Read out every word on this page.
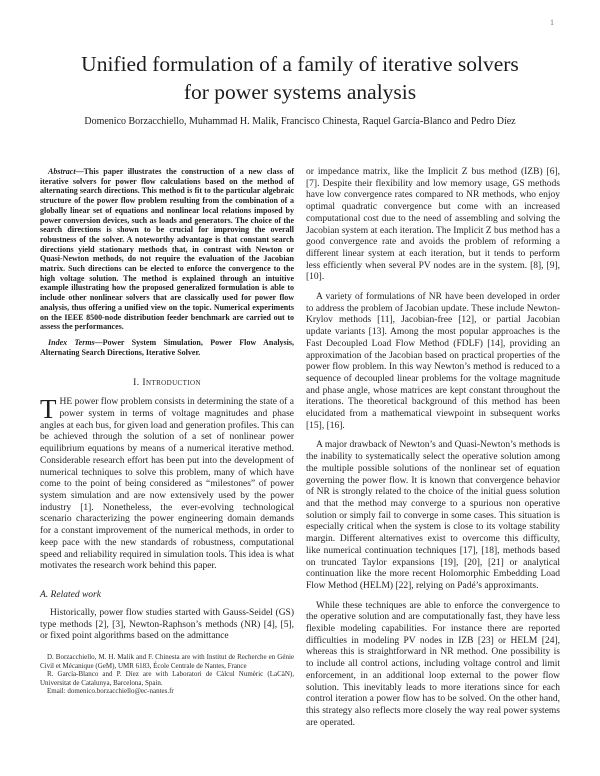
1
Unified formulation of a family of iterative solvers
for power systems analysis
Domenico Borzacchiello, Muhammad H. Malik, Francisco Chinesta, Raquel García-Blanco and Pedro Díez

Abstract—This paper illustrates the construction of a new class of iterative solvers for power flow calculations based on the method of alternating search directions. This method is fit to the particular algebraic structure of the power flow problem resulting from the combination of a globally linear set of equations and nonlinear local relations imposed by power conversion devices, such as loads and generators. The choice of the search directions is shown to be crucial for improving the overall robustness of the solver. A noteworthy advantage is that constant search directions yield stationary methods that, in contrast with Newton or Quasi-Newton methods, do not require the evaluation of the Jacobian matrix. Such directions can be elected to enforce the convergence to the high voltage solution. The method is explained through an intuitive example illustrating how the proposed generalized formulation is able to include other nonlinear solvers that are classically used for power flow analysis, thus offering a unified view on the topic. Numerical experiments on the IEEE 8500-node distribution feeder benchmark are carried out to assess the performances.

Index Terms—Power System Simulation, Power Flow Analysis, Alternating Search Directions, Iterative Solver.

I. Introduction

THE power flow problem consists in determining the state of a power system in terms of voltage magnitudes and phase angles at each bus, for given load and generation profiles. This can be achieved through the solution of a set of nonlinear power equilibrium equations by means of a numerical iterative method. Considerable research effort has been put into the development of numerical techniques to solve this problem, many of which have come to the point of being considered as “milestones” of power system simulation and are now extensively used by the power industry [1]. Nonetheless, the ever-evolving technological scenario characterizing the power engineering domain demands for a constant improvement of the numerical methods, in order to keep pace with the new standards of robustness, computational speed and reliability required in simulation tools. This idea is what motivates the research work behind this paper.

A. Related work

Historically, power flow studies started with Gauss-Seidel (GS) type methods [2], [3], Newton-Raphson’s methods (NR) [4], [5], or fixed point algorithms based on the admittance

D. Borzacchiello, M. H. Malik and F. Chinesta are with Institut de Recherche en Génie Civil et Mécanique (GeM), UMR 6183, École Centrale de Nantes, France

R. García-Blanco and P. Díez are with Laboratori de Càlcul Numèric (LaCàN), Universitat de Catalunya, Barcelona, Spain.

Email: domenico.borzacchiello@ec-nantes.fr

or impedance matrix, like the Implicit Z bus method (IZB) [6], [7]. Despite their flexibility and low memory usage, GS methods have low convergence rates compared to NR methods, who enjoy optimal quadratic convergence but come with an increased computational cost due to the need of assembling and solving the Jacobian system at each iteration. The Implicit Z bus method has a good convergence rate and avoids the problem of reforming a different linear system at each iteration, but it tends to perform less efficiently when several PV nodes are in the system. [8], [9], [10].

A variety of formulations of NR have been developed in order to address the problem of Jacobian update. These include Newton-Krylov methods [11], Jacobian-free [12], or partial Jacobian update variants [13]. Among the most popular approaches is the Fast Decoupled Load Flow Method (FDLF) [14], providing an approximation of the Jacobian based on practical properties of the power flow problem. In this way Newton’s method is reduced to a sequence of decoupled linear problems for the voltage magnitude and phase angle, whose matrices are kept constant throughout the iterations. The theoretical background of this method has been elucidated from a mathematical viewpoint in subsequent works [15], [16].

A major drawback of Newton’s and Quasi-Newton’s methods is the inability to systematically select the operative solution among the multiple possible solutions of the nonlinear set of equation governing the power flow. It is known that convergence behavior of NR is strongly related to the choice of the initial guess solution and that the method may converge to a spurious non operative solution or simply fail to converge in some cases. This situation is especially critical when the system is close to its voltage stability margin. Different alternatives exist to overcome this difficulty, like numerical continuation techniques [17], [18], methods based on truncated Taylor expansions [19], [20], [21] or analytical continuation like the more recent Holomorphic Embedding Load Flow Method (HELM) [22], relying on Padé’s approximants.

While these techniques are able to enforce the convergence to the operative solution and are computationally fast, they have less flexible modeling capabilities. For instance there are reported difficulties in modeling PV nodes in IZB [23] or HELM [24], whereas this is straightforward in NR method. One possibility is to include all control actions, including voltage control and limit enforcement, in an additional loop external to the power flow solution. This inevitably leads to more iterations since for each control iteration a power flow has to be solved. On the other hand, this strategy also reflects more closely the way real power systems are operated.
